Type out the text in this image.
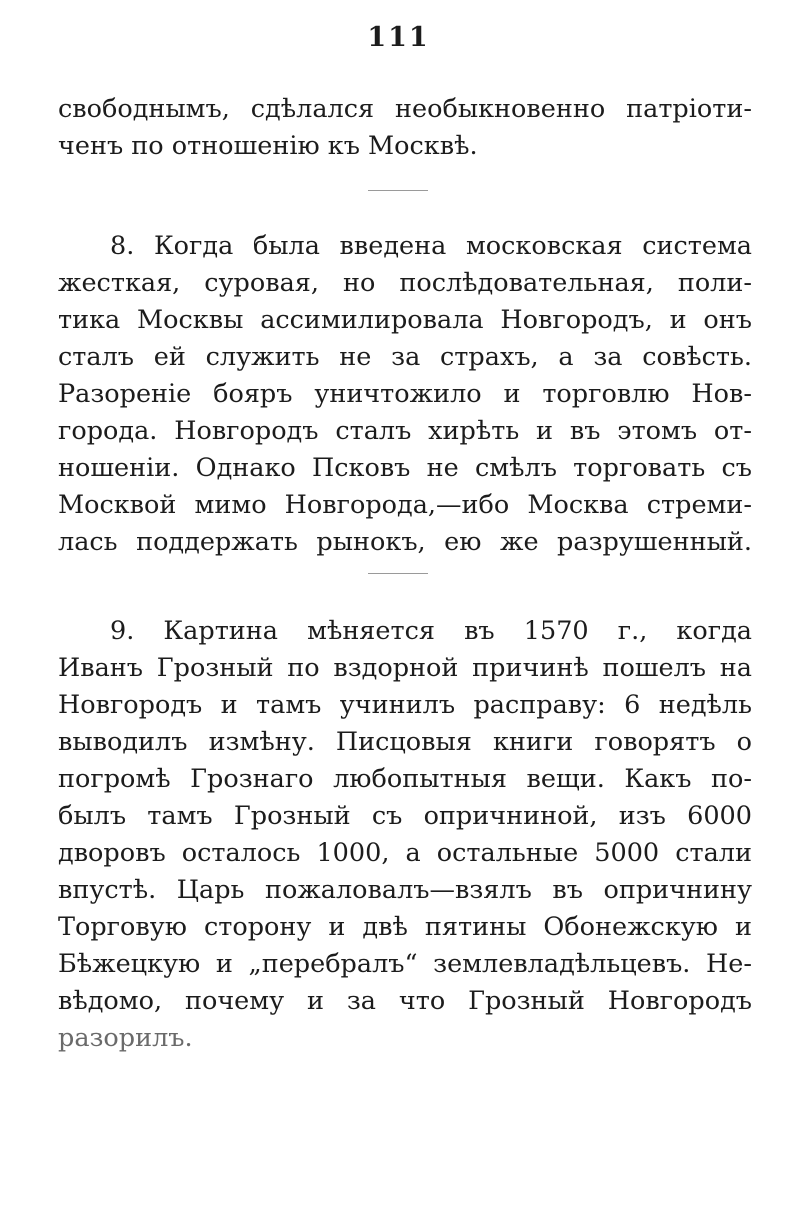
111
свободнымъ, сдѣлался необыкновенно патріоти-
ченъ по отношенію къ Москвѣ.
8. Когда была введена московская система
жесткая, суровая, но послѣдовательная, поли-
тика Москвы ассимилировала Новгородъ, и онъ
сталъ ей служить не за страхъ, а за совѣсть.
Разореніе бояръ уничтожило и торговлю Нов-
города. Новгородъ сталъ хирѣть и въ этомъ от-
ношеніи. Однако Псковъ не смѣлъ торговать съ
Москвой мимо Новгорода,—ибо Москва стреми-
лась поддержать рынокъ, ею же разрушенный.
9. Картина мѣняется въ 1570 г., когда
Иванъ Грозный по вздорной причинѣ пошелъ на
Новгородъ и тамъ учинилъ расправу: 6 недѣль
выводилъ измѣну. Писцовыя книги говорятъ о
погромѣ Грознаго любопытныя вещи. Какъ по-
былъ тамъ Грозный съ опричниной, изъ 6000
дворовъ осталось 1000, а остальные 5000 стали
впустѣ. Царь пожаловалъ—взялъ въ опричнину
Торговую сторону и двѣ пятины Обонежскую и
Бѣжецкую и „перебралъ“ землевладѣльцевъ. Не-
вѣдомо, почему и за что Грозный Новгородъ
разорилъ.
